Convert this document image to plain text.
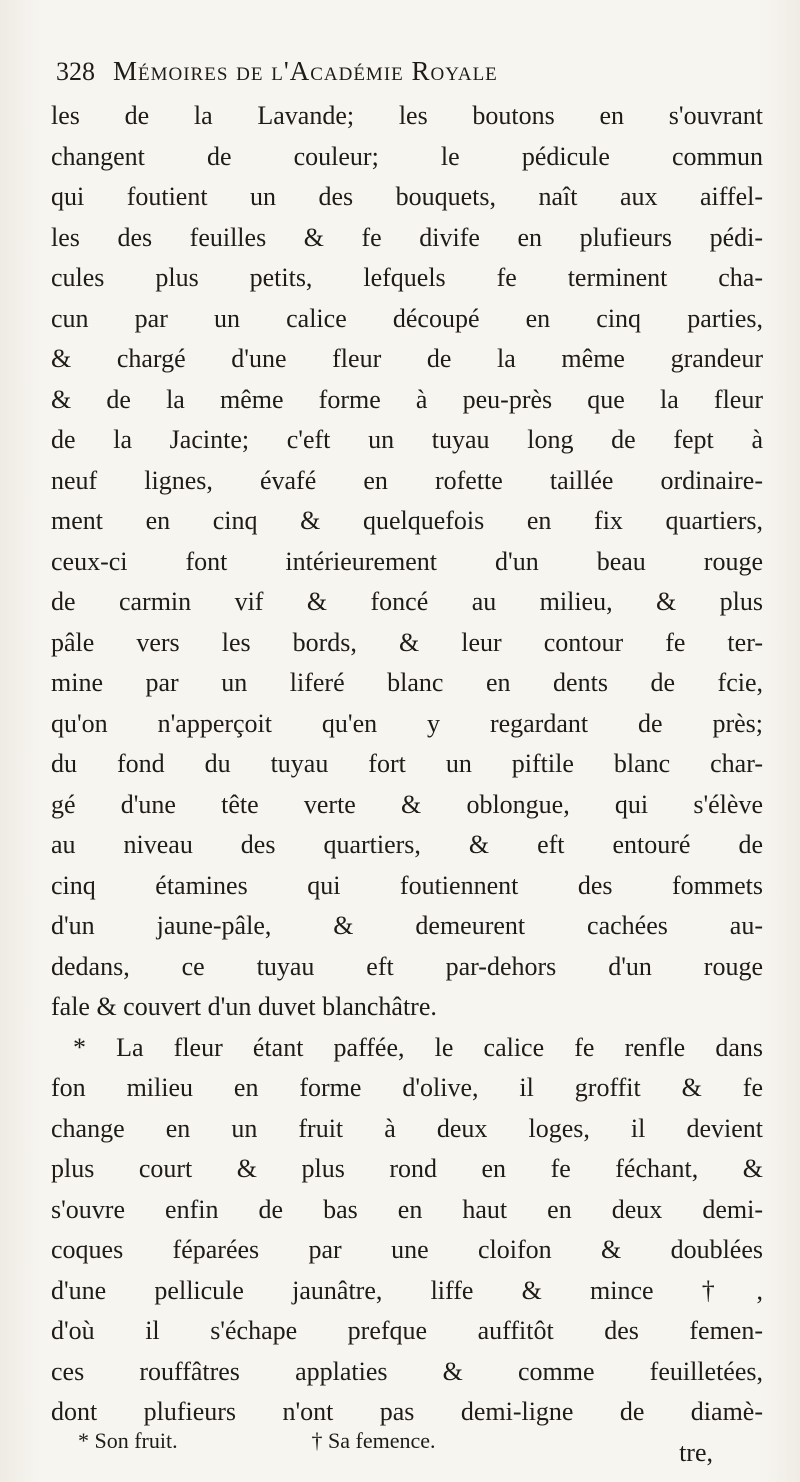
328 Mémoires de l'Académie Royale
les de la Lavande; les boutons en s'ouvrant
changent de couleur; le pédicule commun
qui foutient un des bouquets, naît aux aiffel-
les des feuilles & fe divife en plufieurs pédi-
cules plus petits, lefquels fe terminent cha-
cun par un calice découpé en cinq parties,
& chargé d'une fleur de la même grandeur
& de la même forme à peu-près que la fleur
de la Jacinte; c'eft un tuyau long de fept à
neuf lignes, évafé en rofette taillée ordinaire-
ment en cinq & quelquefois en fix quartiers,
ceux-ci font intérieurement d'un beau rouge
de carmin vif & foncé au milieu, & plus
pâle vers les bords, & leur contour fe ter-
mine par un liferé blanc en dents de fcie,
qu'on n'apperçoit qu'en y regardant de près;
du fond du tuyau fort un piftile blanc char-
gé d'une tête verte & oblongue, qui s'élève
au niveau des quartiers, & eft entouré de
cinq étamines qui foutiennent des fommets
d'un jaune-pâle, & demeurent cachées au-
dedans, ce tuyau eft par-dehors d'un rouge
fale & couvert d'un duvet blanchâtre.
* La fleur étant paffée, le calice fe renfle dans
fon milieu en forme d'olive, il groffit & fe
change en un fruit à deux loges, il devient
plus court & plus rond en fe féchant, &
s'ouvre enfin de bas en haut en deux demi-
coques féparées par une cloifon & doublées
d'une pellicule jaunâtre, liffe & mince †,
d'où il s'échape prefque auffitôt des femen-
ces rouffâtres applaties & comme feuilletées,
dont plufieurs n'ont pas demi-ligne de diamè-
tre,
* Son fruit.	† Sa femence.
